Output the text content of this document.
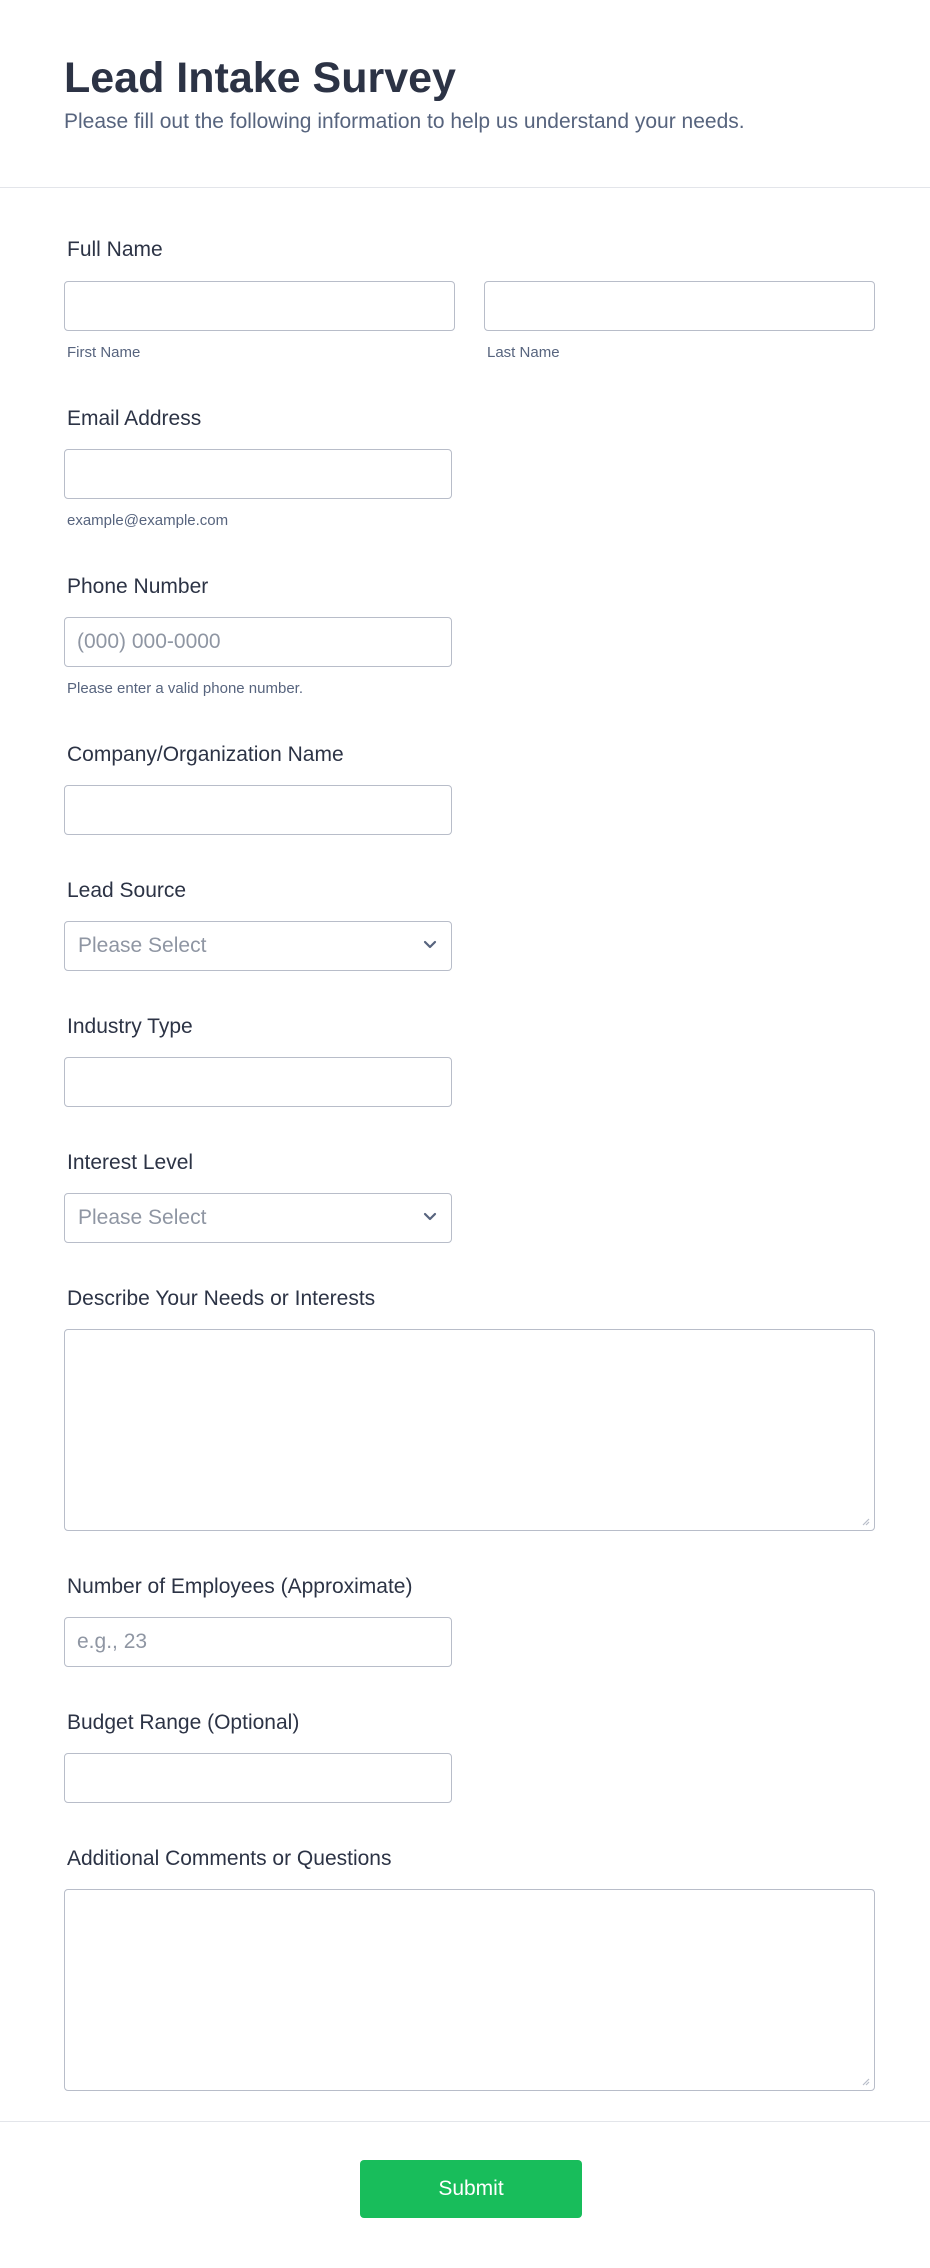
Lead Intake Survey

Please fill out the following information to help us understand your needs.

Full Name
First Name	Last Name
Email Address
example@example.com
Phone Number
(000) 000-0000
Please enter a valid phone number.
Company/Organization Name
Lead Source
Please Select
Industry Type
Interest Level
Please Select
Describe Your Needs or Interests
Number of Employees (Approximate)
e.g., 23
Budget Range (Optional)
Additional Comments or Questions
Submit
